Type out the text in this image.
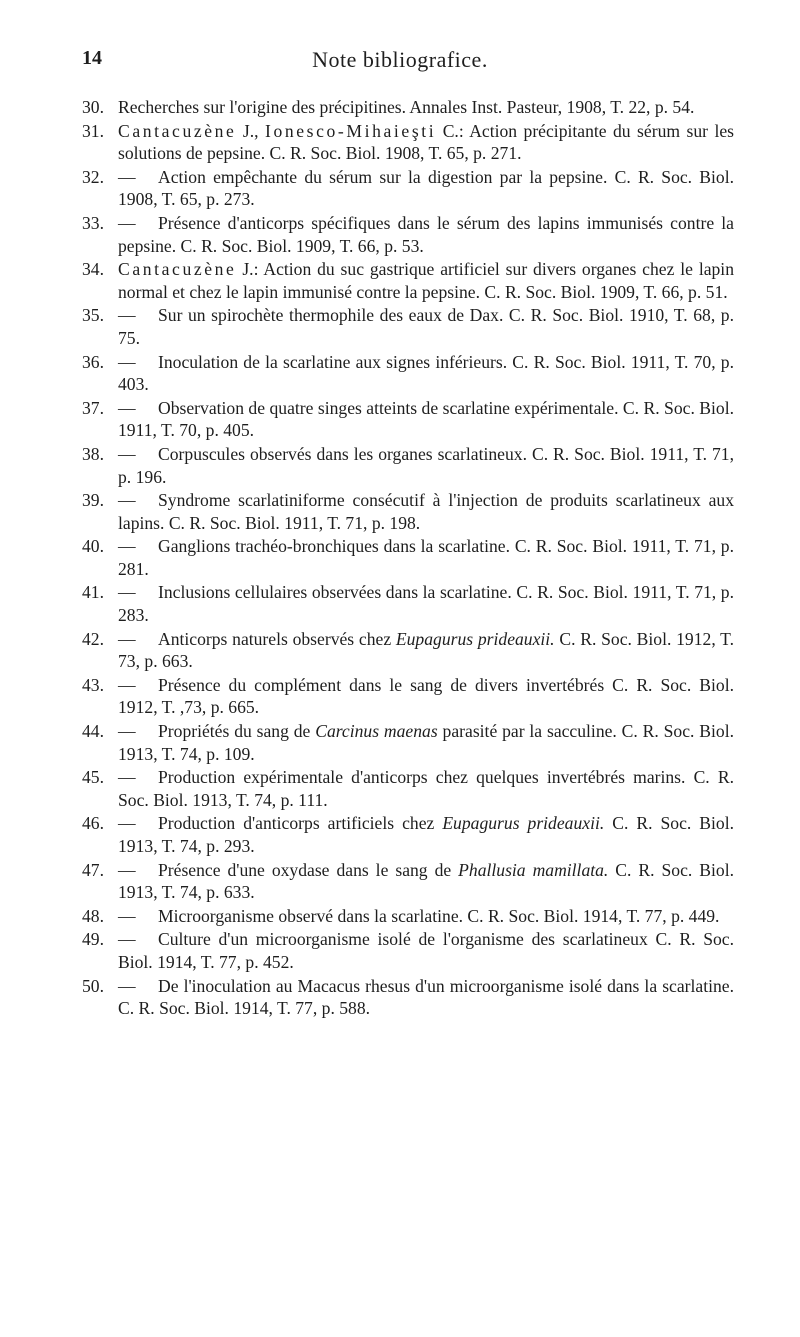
14	Note bibliografice.
30. Recherches sur l'origine des précipitines. Annales Inst. Pasteur, 1908, T. 22, p. 54.
31. Cantacuzène J., Ionesco-Mihaieşti C.: Action précipitante du sérum sur les solutions de pepsine. C. R. Soc. Biol. 1908, T. 65, p. 271.
32. — Action empêchante du sérum sur la digestion par la pepsine. C. R. Soc. Biol. 1908, T. 65, p. 273.
33. — Présence d'anticorps spécifiques dans le sérum des lapins immunisés contre la pepsine. C. R. Soc. Biol. 1909, T. 66, p. 53.
34. Cantacuzène J.: Action du suc gastrique artificiel sur divers organes chez le lapin normal et chez le lapin immunisé contre la pepsine. C. R. Soc. Biol. 1909, T. 66, p. 51.
35. — Sur un spirochète thermophile des eaux de Dax. C. R. Soc. Biol. 1910, T. 68, p. 75.
36. — Inoculation de la scarlatine aux signes inférieurs. C. R. Soc. Biol. 1911, T. 70, p. 403.
37. — Observation de quatre singes atteints de scarlatine expérimentale. C. R. Soc. Biol. 1911, T. 70, p. 405.
38. — Corpuscules observés dans les organes scarlatineux. C. R. Soc. Biol. 1911, T. 71, p. 196.
39. — Syndrome scarlatiniforme consécutif à l'injection de produits scarlatineux aux lapins. C. R. Soc. Biol. 1911, T. 71, p. 198.
40. — Ganglions trachéo-bronchiques dans la scarlatine. C. R. Soc. Biol. 1911, T. 71, p. 281.
41. — Inclusions cellulaires observées dans la scarlatine. C. R. Soc. Biol. 1911, T. 71, p. 283.
42. — Anticorps naturels observés chez Eupagurus prideauxii. C. R. Soc. Biol. 1912, T. 73, p. 663.
43. — Présence du complément dans le sang de divers invertébrés C. R. Soc. Biol. 1912, T. ,73, p. 665.
44. — Propriétés du sang de Carcinus maenas parasité par la sacculine. C. R. Soc. Biol. 1913, T. 74, p. 109.
45. — Production expérimentale d'anticorps chez quelques invertébrés marins. C. R. Soc. Biol. 1913, T. 74, p. 111.
46. — Production d'anticorps artificiels chez Eupagurus prideauxii. C. R. Soc. Biol. 1913, T. 74, p. 293.
47. — Présence d'une oxydase dans le sang de Phallusia mamillata. C. R. Soc. Biol. 1913, T. 74, p. 633.
48. — Microorganisme observé dans la scarlatine. C. R. Soc. Biol. 1914, T. 77, p. 449.
49. — Culture d'un microorganisme isolé de l'organisme des scarlatineux C. R. Soc. Biol. 1914, T. 77, p. 452.
50. — De l'inoculation au Macacus rhesus d'un microorganisme isolé dans la scarlatine. C. R. Soc. Biol. 1914, T. 77, p. 588.
